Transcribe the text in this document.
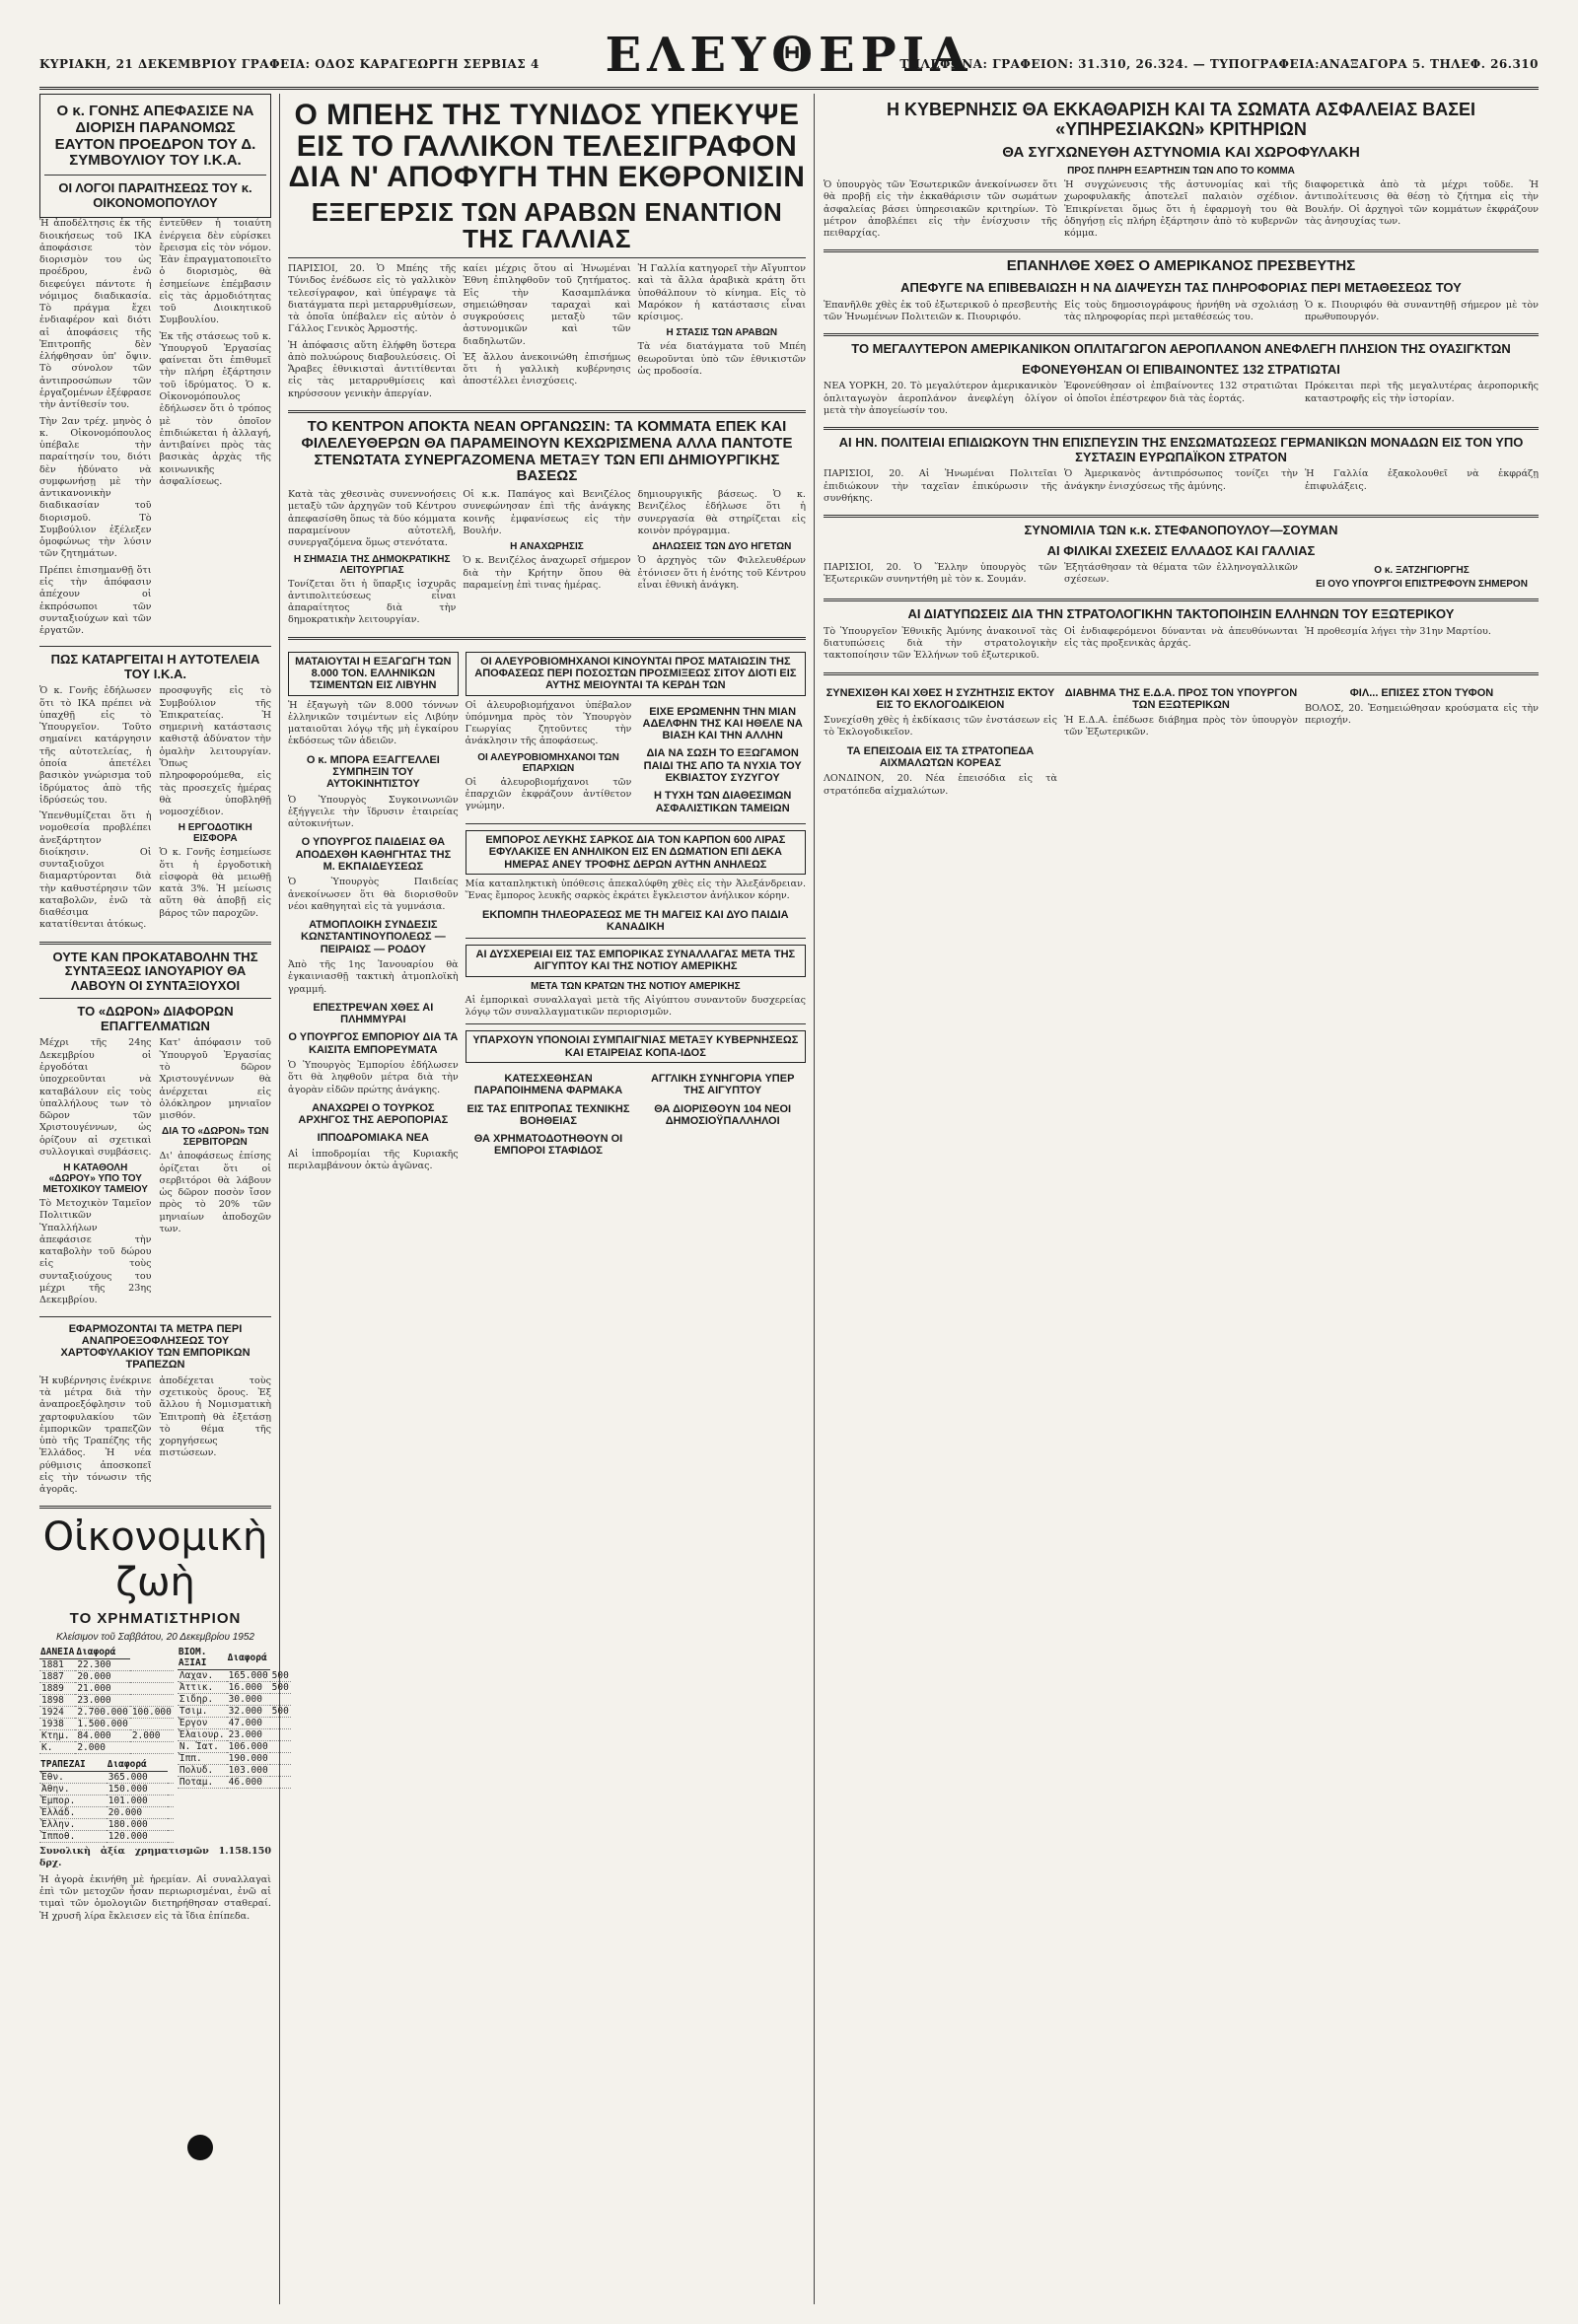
ΚΥΡΙΑΚΗ, 21 ΔΕΚΕΜΒΡΙΟΥ ΓΡΑΦΕΙΑ: ΟΔΟΣ ΚΑΡΑΓΕΩΡΓΗ ΣΕΡΒΙΑΣ 4 ΕΛΕΥΘΕΡΙΑ
ΤΗΛΕΦΩΝΑ: ΓΡΑΦΕΙΟΝ: 31.310, 26.324. — ΤΥΠΟΓΡΑΦΕΙΑ:ΑΝΑΞΑΓΟΡΑ 5. ΤΗΛΕΦ. 26.310
Ο κ. ΓΟΝΗΣ ΑΠΕΦΑΣΙΣΕ ΝΑ ΔΙΟΡΙΣΗ ΠΑΡΑΝΟΜΩΣ ΕΑΥΤΟΝ ΠΡΟΕΔΡΟΝ ΤΟΥ Δ. ΣΥΜΒΟΥΛΙΟΥ ΤΟΥ Ι.Κ.Α.
ΟΙ ΛΟΓΟΙ ΠΑΡΑΙΤΗΣΕΩΣ ΤΟΥ κ. ΟΙΚΟΝΟΜΟΠΟΥΛΟΥ

Ἡ ἀποδέλτησις ἐκ τῆς διοικήσεως τοῦ ΙΚΑ ἀποφάσισε τὸν διορισμὸν του ὡς προέδρου, ἐνῶ διεφεύγει πάντοτε ἡ νόμιμος διαδικασία. Τὸ πράγμα ἔχει ἐνδιαφέρον καὶ διότι αἱ ἀποφάσεις τῆς Ἐπιτροπῆς δὲν ἐλήφθησαν ὑπ' ὄψιν. Τὸ σύνολον τῶν ἀντιπροσώπων τῶν ἐργαζομένων ἐξέφρασε τὴν ἀντίθεσίν του.

Τὴν 2αν τρέχ. μηνὸς ὁ κ. Οἰκονομόπουλος ὑπέβαλε τὴν παραίτησίν του, διότι δὲν ἠδύνατο νὰ συμφωνήσῃ μὲ τὴν ἀντικανονικὴν διαδικασίαν τοῦ διορισμοῦ. Τὸ Συμβούλιον ἐξέλεξεν ὁμοφώνως τὴν λύσιν τῶν ζητημάτων.

Πρέπει ἐπισημανθῇ ὅτι εἰς τὴν ἀπόφασιν ἀπέχουν οἱ ἐκπρόσωποι τῶν συνταξιούχων καὶ τῶν ἐργατῶν.

ἐντεῦθεν ἡ τοιαύτη ἐνέργεια δὲν εὑρίσκει ἔρεισμα εἰς τὸν νόμον. Ἐὰν ἐπραγματοποιεῖτο ὁ διορισμὸς, θὰ ἐσημείωνε ἐπέμβασιν εἰς τὰς ἁρμοδιότητας τοῦ Διοικητικοῦ Συμβουλίου.

Ἐκ τῆς στάσεως τοῦ κ. Ὑπουργοῦ Ἐργασίας φαίνεται ὅτι ἐπιθυμεῖ τὴν πλήρη ἐξάρτησιν τοῦ ἱδρύματος. Ὁ κ. Οἰκονομόπουλος ἐδήλωσεν ὅτι ὁ τρόπος μὲ τὸν ὁποῖον ἐπιδιώκεται ἡ ἀλλαγή, ἀντιβαίνει πρὸς τὰς βασικὰς ἀρχὰς τῆς κοινωνικῆς ἀσφαλίσεως.

ΠΩΣ ΚΑΤΑΡΓΕΙΤΑΙ Η ΑΥΤΟΤΕΛΕΙΑ ΤΟΥ Ι.Κ.Α.

Ὁ κ. Γονῆς ἐδήλωσεν ὅτι τὸ ΙΚΑ πρέπει νὰ ὑπαχθῇ εἰς τὸ Ὑπουργεῖον. Τοῦτο σημαίνει κατάργησιν τῆς αὐτοτελείας, ἡ ὁποία ἀπετέλει βασικὸν γνώρισμα τοῦ ἱδρύματος ἀπὸ τῆς ἱδρύσεώς του.

Ὑπενθυμίζεται ὅτι ἡ νομοθεσία προβλέπει ἀνεξάρτητον διοίκησιν. Οἱ συνταξιοῦχοι διαμαρτύρονται διὰ τὴν καθυστέρησιν τῶν καταβολῶν, ἐνῶ τὰ διαθέσιμα κατατίθενται ἀτόκως.

προσφυγῆς εἰς τὸ Συμβούλιον τῆς Ἐπικρατείας. Ἡ σημερινὴ κατάστασις καθιστᾷ ἀδύνατον τὴν ὁμαλὴν λειτουργίαν. Ὅπως πληροφορούμεθα, εἰς τὰς προσεχεῖς ἡμέρας θὰ ὑποβληθῇ νομοσχέδιον.

Η ΕΡΓΟΔΟΤΙΚΗ ΕΙΣΦΟΡΑ

Ὁ κ. Γονῆς ἐσημείωσε ὅτι ἡ ἐργοδοτικὴ εἰσφορὰ θὰ μειωθῇ κατὰ 3%. Ἡ μείωσις αὕτη θὰ ἀποβῇ εἰς βάρος τῶν παροχῶν.

ΟΥΤΕ ΚΑΝ ΠΡΟΚΑΤΑΒΟΛΗΝ ΤΗΣ ΣΥΝΤΑΞΕΩΣ ΙΑΝΟΥΑΡΙΟΥ ΘΑ ΛΑΒΟΥΝ ΟΙ ΣΥΝΤΑΞΙΟΥΧΟΙ
ΤΟ «ΔΩΡΟΝ» ΔΙΑΦΟΡΩΝ ΕΠΑΓΓΕΛΜΑΤΙΩΝ

Μέχρι τῆς 24ης Δεκεμβρίου οἱ ἐργοδόται ὑποχρεοῦνται νὰ καταβάλουν εἰς τοὺς ὑπαλλήλους των τὸ δῶρον τῶν Χριστουγέννων, ὡς ὁρίζουν αἱ σχετικαὶ συλλογικαὶ συμβάσεις.

Η ΚΑΤΑΘΟΛΗ «ΔΩΡΟΥ» ΥΠΟ ΤΟΥ ΜΕΤΟΧΙΚΟΥ ΤΑΜΕΙΟΥ

Τὸ Μετοχικὸν Ταμεῖον Πολιτικῶν Ὑπαλλήλων ἀπεφάσισε τὴν καταβολὴν τοῦ δώρου εἰς τοὺς συνταξιούχους του μέχρι τῆς 23ης Δεκεμβρίου.

Κατ' ἀπόφασιν τοῦ Ὑπουργοῦ Ἐργασίας τὸ δῶρον Χριστουγέννων θὰ ἀνέρχεται εἰς ὁλόκληρον μηνιαῖον μισθόν.

ΔΙΑ ΤΟ «ΔΩΡΟΝ» ΤΩΝ ΣΕΡΒΙΤΟΡΩΝ

Δι' ἀποφάσεως ἐπίσης ὁρίζεται ὅτι οἱ σερβιτόροι θὰ λάβουν ὡς δῶρον ποσὸν ἴσον πρὸς τὸ 20% τῶν μηνιαίων ἀποδοχῶν των.

ΕΦΑΡΜΟΖΟΝΤΑΙ ΤΑ ΜΕΤΡΑ ΠΕΡΙ ΑΝΑΠΡΟΕΞΟΦΛΗΣΕΩΣ ΤΟΥ ΧΑΡΤΟΦΥΛΑΚΙΟΥ ΤΩΝ ΕΜΠΟΡΙΚΩΝ ΤΡΑΠΕΖΩΝ

Ἡ κυβέρνησις ἐνέκρινε τὰ μέτρα διὰ τὴν ἀναπροεξόφλησιν τοῦ χαρτοφυλακίου τῶν ἐμπορικῶν τραπεζῶν ὑπὸ τῆς Τραπέζης τῆς Ἑλλάδος. Ἡ νέα ρύθμισις ἀποσκοπεῖ εἰς τὴν τόνωσιν τῆς ἀγορᾶς.

ἀποδέχεται τοὺς σχετικοὺς ὅρους. Ἐξ ἄλλου ἡ Νομισματικὴ Ἐπιτροπὴ θὰ ἐξετάσῃ τὸ θέμα τῆς χορηγήσεως πιστώσεων.

Οἰκονομικὴ ζωὴ
ΤΟ ΧΡΗΜΑΤΙΣΤΗΡΙΟΝ
Κλείσιμον τοῦ Σαββάτου, 20 Δεκεμβρίου 1952
ΔΑΝΕΙΑ	Διαφορά	
1881	22.300	
1887	20.000	
1889	21.000	
1898	23.000	
1924	2.700.000	100.000
1938	1.500.000	
Κτημ.	84.000	2.000
Κ.	2.000	
ΤΡΑΠΕΖΑΙ	Διαφορά	
Ἐθν.	365.000	
Ἀθην.	150.000	
Ἐμπορ.	101.000	
Ἐλλάδ.	20.000	
Ἑλλην.	180.000	
Ἱπποθ.	120.000	
ΒΙΟΜ. ΑΞΙΑΙ	Διαφορά	
Λαχαν.	165.000	500
Ἀττικ.	16.000	500
Σιδηρ.	30.000	
Τσιμ.	32.000	500
Ἐργον	47.000	
Ἐλαιουρ.	23.000	
Ν. Ἰατ.	106.000	
Ἱππ.	190.000	
Πολυδ.	103.000	
Ποταμ.	46.000	

Συνολικὴ ἀξία χρηματισμῶν 1.158.150 δρχ.

Ἡ ἀγορὰ ἐκινήθη μὲ ἡρεμίαν. Αἱ συναλλαγαὶ ἐπὶ τῶν μετοχῶν ἦσαν περιωρισμέναι, ἐνῶ αἱ τιμαὶ τῶν ὁμολογιῶν διετηρήθησαν σταθεραί. Ἡ χρυσῆ λίρα ἔκλεισεν εἰς τὰ ἴδια ἐπίπεδα.

Ο ΜΠΕΗΣ ΤΗΣ ΤΥΝΙΔΟΣ ΥΠΕΚΥΨΕ ΕΙΣ ΤΟ ΓΑΛΛΙΚΟΝ ΤΕΛΕΣΙΓΡΑΦΟΝ ΔΙΑ Ν' ΑΠΟΦΥΓΗ ΤΗΝ ΕΚΘΡΟΝΙΣΙΝ
ΕΞΕΓΕΡΣΙΣ ΤΩΝ ΑΡΑΒΩΝ ΕΝΑΝΤΙΟΝ ΤΗΣ ΓΑΛΛΙΑΣ

ΠΑΡΙΣΙΟΙ, 20. Ὁ Μπέης τῆς Τύνιδος ἐνέδωσε εἰς τὸ γαλλικὸν τελεσίγραφον, καὶ ὑπέγραψε τὰ διατάγματα περὶ μεταρρυθμίσεων, τὰ ὁποῖα ὑπέβαλεν εἰς αὐτὸν ὁ Γάλλος Γενικὸς Ἀρμοστής.

Ἡ ἀπόφασις αὕτη ἐλήφθη ὕστερα ἀπὸ πολυώρους διαβουλεύσεις. Οἱ Ἄραβες ἐθνικισταὶ ἀντιτίθενται εἰς τὰς μεταρρυθμίσεις καὶ κηρύσσουν γενικὴν ἀπεργίαν.

καίει μέχρις ὅτου αἱ Ἡνωμέναι Ἐθνη ἐπιληφθοῦν τοῦ ζητήματος. Εἰς τὴν Κασαμπλάνκα σημειώθησαν ταραχαὶ καὶ συγκρούσεις μεταξὺ τῶν ἀστυνομικῶν καὶ τῶν διαδηλωτῶν.

Ἐξ ἄλλου ἀνεκοινώθη ἐπισήμως ὅτι ἡ γαλλικὴ κυβέρνησις ἀποστέλλει ἐνισχύσεις.

Ἡ Γαλλία κατηγορεῖ τὴν Αἴγυπτον καὶ τὰ ἄλλα ἀραβικὰ κράτη ὅτι ὑποθάλπουν τὸ κίνημα. Εἰς τὸ Μαρόκον ἡ κατάστασις εἶναι κρίσιμος.

Η ΣΤΑΣΙΣ ΤΩΝ ΑΡΑΒΩΝ

Τὰ νέα διατάγματα τοῦ Μπέη θεωροῦνται ὑπὸ τῶν ἐθνικιστῶν ὡς προδοσία.

ΤΟ ΚΕΝΤΡΟΝ ΑΠΟΚΤΑ ΝΕΑΝ ΟΡΓΑΝΩΣΙΝ: ΤΑ ΚΟΜΜΑΤΑ ΕΠΕΚ ΚΑΙ ΦΙΛΕΛΕΥΘΕΡΩΝ ΘΑ ΠΑΡΑΜΕΙΝΟΥΝ ΚΕΧΩΡΙΣΜΕΝΑ ΑΛΛΑ ΠΑΝΤΟΤΕ ΣΤΕΝΩΤΑΤΑ ΣΥΝΕΡΓΑΖΟΜΕΝΑ ΜΕΤΑΞΥ ΤΩΝ ΕΠΙ ΔΗΜΙΟΥΡΓΙΚΗΣ ΒΑΣΕΩΣ

Κατὰ τὰς χθεσινὰς συνεννοήσεις μεταξὺ τῶν ἀρχηγῶν τοῦ Κέντρου ἀπεφασίσθη ὅπως τὰ δύο κόμματα παραμείνουν αὐτοτελῆ, συνεργαζόμενα ὅμως στενότατα.

Η ΣΗΜΑΣΙΑ ΤΗΣ ΔΗΜΟΚΡΑΤΙΚΗΣ ΛΕΙΤΟΥΡΓΙΑΣ

Τονίζεται ὅτι ἡ ὕπαρξις ἰσχυρᾶς ἀντιπολιτεύσεως εἶναι ἀπαραίτητος διὰ τὴν δημοκρατικὴν λειτουργίαν.

Οἱ κ.κ. Παπάγος καὶ Βενιζέλος συνεφώνησαν ἐπὶ τῆς ἀνάγκης κοινῆς ἐμφανίσεως εἰς τὴν Βουλήν.

Η ΑΝΑΧΩΡΗΣΙΣ

Ὁ κ. Βενιζέλος ἀναχωρεῖ σήμερον διὰ τὴν Κρήτην ὅπου θὰ παραμείνῃ ἐπὶ τινας ἡμέρας.

δημιουργικῆς βάσεως. Ὁ κ. Βενιζέλος ἐδήλωσε ὅτι ἡ συνεργασία θὰ στηρίζεται εἰς κοινὸν πρόγραμμα.

ΔΗΛΩΣΕΙΣ ΤΩΝ ΔΥΟ ΗΓΕΤΩΝ

Ὁ ἀρχηγὸς τῶν Φιλελευθέρων ἐτόνισεν ὅτι ἡ ἑνότης τοῦ Κέντρου εἶναι ἐθνικὴ ἀνάγκη.

ΜΑΤΑΙΟΥΤΑΙ Η ΕΞΑΓΩΓΗ ΤΩΝ 8.000 ΤΟΝ. ΕΛΛΗΝΙΚΩΝ ΤΣΙΜΕΝΤΩΝ ΕΙΣ ΛΙΒΥΗΝ

Ἡ ἐξαγωγὴ τῶν 8.000 τόννων ἑλληνικῶν τσιμέντων εἰς Λιβύην ματαιοῦται λόγῳ τῆς μὴ ἐγκαίρου ἐκδόσεως τῶν ἀδειῶν.

Ο κ. ΜΠΟΡΑ ΕΞΑΓΓΕΛΛΕΙ ΣΥΜΠΗΞΙΝ ΤΟΥ ΑΥΤΟΚΙΝΗΤΙΣΤΟΥ

Ὁ Ὑπουργὸς Συγκοινωνιῶν ἐξήγγειλε τὴν ἵδρυσιν ἑταιρείας αὐτοκινήτων.

Ο ΥΠΟΥΡΓΟΣ ΠΑΙΔΕΙΑΣ ΘΑ ΑΠΟΔΕΧΘΗ ΚΑΘΗΓΗΤΑΣ ΤΗΣ Μ. ΕΚΠΑΙΔΕΥΣΕΩΣ

Ὁ Ὑπουργὸς Παιδείας ἀνεκοίνωσεν ὅτι θὰ διορισθοῦν νέοι καθηγηταὶ εἰς τὰ γυμνάσια.

ΑΤΜΟΠΛΟΙΚΗ ΣΥΝΔΕΣΙΣ ΚΩΝΣΤΑΝΤΙΝΟΥΠΟΛΕΩΣ — ΠΕΙΡΑΙΩΣ — ΡΟΔΟΥ

Ἀπὸ τῆς 1ης Ἰανουαρίου θὰ ἐγκαινιασθῇ τακτικὴ ἀτμοπλοϊκὴ γραμμή.

ΕΠΕΣΤΡΕΨΑΝ ΧΘΕΣ ΑΙ ΠΛΗΜΜΥΡΑΙ
Ο ΥΠΟΥΡΓΟΣ ΕΜΠΟΡΙΟΥ ΔΙΑ ΤΑ ΚΑΙΣΙΤΑ ΕΜΠΟΡΕΥΜΑΤΑ

Ὁ Ὑπουργὸς Ἐμπορίου ἐδήλωσεν ὅτι θὰ ληφθοῦν μέτρα διὰ τὴν ἀγορὰν εἰδῶν πρώτης ἀνάγκης.

ΑΝΑΧΩΡΕΙ Ο ΤΟΥΡΚΟΣ ΑΡΧΗΓΟΣ ΤΗΣ ΑΕΡΟΠΟΡΙΑΣ
ΙΠΠΟΔΡΟΜΙΑΚΑ ΝΕΑ

Αἱ ἱπποδρομίαι τῆς Κυριακῆς περιλαμβάνουν ὀκτὼ ἀγῶνας.

ΟΙ ΑΛΕΥΡΟΒΙΟΜΗΧΑΝΟΙ ΚΙΝΟΥΝΤΑΙ ΠΡΟΣ ΜΑΤΑΙΩΣΙΝ ΤΗΣ ΑΠΟΦΑΣΕΩΣ ΠΕΡΙ ΠΟΣΟΣΤΩΝ ΠΡΟΣΜΙΞΕΩΣ ΣΙΤΟΥ ΔΙΟΤΙ ΕΙΣ ΑΥΤΗΣ ΜΕΙΟΥΝΤΑΙ ΤΑ ΚΕΡΔΗ ΤΩΝ

Οἱ ἀλευροβιομήχανοι ὑπέβαλον ὑπόμνημα πρὸς τὸν Ὑπουργὸν Γεωργίας ζητοῦντες τὴν ἀνάκλησιν τῆς ἀποφάσεως.

ΟΙ ΑΛΕΥΡΟΒΙΟΜΗΧΑΝΟΙ ΤΩΝ ΕΠΑΡΧΙΩΝ

Οἱ ἀλευροβιομήχανοι τῶν ἐπαρχιῶν ἐκφράζουν ἀντίθετον γνώμην.

ΕΙΧΕ ΕΡΩΜΕΝΗΝ ΤΗΝ ΜΙΑΝ ΑΔΕΛΦΗΝ ΤΗΣ ΚΑΙ ΗΘΕΛΕ ΝΑ ΒΙΑΣΗ ΚΑΙ ΤΗΝ ΑΛΛΗΝ
ΔΙΑ ΝΑ ΣΩΣΗ ΤΟ ΕΞΩΓΑΜΟΝ ΠΑΙΔΙ ΤΗΣ ΑΠΟ ΤΑ ΝΥΧΙΑ ΤΟΥ ΕΚΒΙΑΣΤΟΥ ΣΥΖΥΓΟΥ
Η ΤΥΧΗ ΤΩΝ ΔΙΑΘΕΣΙΜΩΝ ΑΣΦΑΛΙΣΤΙΚΩΝ ΤΑΜΕΙΩΝ
ΕΜΠΟΡΟΣ ΛΕΥΚΗΣ ΣΑΡΚΟΣ ΔΙΑ ΤΟΝ ΚΑΡΠΟΝ 600 ΛΙΡΑΣ ΕΦΥΛΑΚΙΣΕ ΕΝ ΑΝΗΛΙΚΟΝ ΕΙΣ ΕΝ ΔΩΜΑΤΙΟΝ ΕΠΙ ΔΕΚΑ ΗΜΕΡΑΣ ΑΝΕΥ ΤΡΟΦΗΣ ΔΕΡΩΝ ΑΥΤΗΝ ΑΝΗΛΕΩΣ

Μία καταπληκτικὴ ὑπόθεσις ἀπεκαλύφθη χθὲς εἰς τὴν Ἀλεξάνδρειαν. Ἕνας ἔμπορος λευκῆς σαρκὸς ἐκράτει ἔγκλειστον ἀνήλικον κόρην.

ΕΚΠΟΜΠΗ ΤΗΛΕΟΡΑΣΕΩΣ ΜΕ ΤΗ ΜΑΓΕΙΣ ΚΑΙ ΔΥΟ ΠΑΙΔΙΑ ΚΑΝΑΔΙΚΗ
ΑΙ ΔΥΣΧΕΡΕΙΑΙ ΕΙΣ ΤΑΣ ΕΜΠΟΡΙΚΑΣ ΣΥΝΑΛΛΑΓΑΣ ΜΕΤΑ ΤΗΣ ΑΙΓΥΠΤΟΥ ΚΑΙ ΤΗΣ ΝΟΤΙΟΥ ΑΜΕΡΙΚΗΣ
ΜΕΤΑ ΤΩΝ ΚΡΑΤΩΝ ΤΗΣ ΝΟΤΙΟΥ ΑΜΕΡΙΚΗΣ

Αἱ ἐμπορικαὶ συναλλαγαὶ μετὰ τῆς Αἰγύπτου συναντοῦν δυσχερείας λόγῳ τῶν συναλλαγματικῶν περιορισμῶν.

ΥΠΑΡΧΟΥΝ ΥΠΟΝΟΙΑΙ ΣΥΜΠΑΙΓΝΙΑΣ ΜΕΤΑΞΥ ΚΥΒΕΡΝΗΣΕΩΣ ΚΑΙ ΕΤΑΙΡΕΙΑΣ ΚΟΠΑ-ΙΔΟΣ
ΚΑΤΕΣΧΕΘΗΣΑΝ ΠΑΡΑΠΟΙΗΜΕΝΑ ΦΑΡΜΑΚΑ
ΕΙΣ ΤΑΣ ΕΠΙΤΡΟΠΑΣ ΤΕΧΝΙΚΗΣ ΒΟΗΘΕΙΑΣ
ΘΑ ΧΡΗΜΑΤΟΔΟΤΗΘΟΥΝ ΟΙ ΕΜΠΟΡΟΙ ΣΤΑΦΙΔΟΣ
ΑΓΓΛΙΚΗ ΣΥΝΗΓΟΡΙΑ ΥΠΕΡ ΤΗΣ ΑΙΓΥΠΤΟΥ
ΘΑ ΔΙΟΡΙΣΘΟΥΝ 104 ΝΕΟΙ ΔΗΜΟΣΙΟΫΠΑΛΛΗΛΟΙ
Η ΚΥΒΕΡΝΗΣΙΣ ΘΑ ΕΚΚΑΘΑΡΙΣΗ ΚΑΙ ΤΑ ΣΩΜΑΤΑ ΑΣΦΑΛΕΙΑΣ ΒΑΣΕΙ «ΥΠΗΡΕΣΙΑΚΩΝ» ΚΡΙΤΗΡΙΩΝ
ΘΑ ΣΥΓΧΩΝΕΥΘΗ ΑΣΤΥΝΟΜΙΑ ΚΑΙ ΧΩΡΟΦΥΛΑΚΗ
ΠΡΟΣ ΠΛΗΡΗ ΕΞΑΡΤΗΣΙΝ ΤΩΝ ΑΠΟ ΤΟ ΚΟΜΜΑ

Ὁ ὑπουργὸς τῶν Ἐσωτερικῶν ἀνεκοίνωσεν ὅτι θὰ προβῇ εἰς τὴν ἐκκαθάρισιν τῶν σωμάτων ἀσφαλείας βάσει ὑπηρεσιακῶν κριτηρίων. Τὸ μέτρον ἀποβλέπει εἰς τὴν ἐνίσχυσιν τῆς πειθαρχίας.

Ἡ συγχώνευσις τῆς ἀστυνομίας καὶ τῆς χωροφυλακῆς ἀποτελεῖ παλαιὸν σχέδιον. Ἐπικρίνεται ὅμως ὅτι ἡ ἐφαρμογὴ του θὰ ὁδηγήσῃ εἰς πλήρη ἐξάρτησιν ἀπὸ τὸ κυβερνῶν κόμμα.

διαφορετικὰ ἀπὸ τὰ μέχρι τοῦδε. Ἡ ἀντιπολίτευσις θὰ θέσῃ τὸ ζήτημα εἰς τὴν Βουλήν. Οἱ ἀρχηγοὶ τῶν κομμάτων ἐκφράζουν τὰς ἀνησυχίας των.

ΕΠΑΝΗΛΘΕ ΧΘΕΣ Ο ΑΜΕΡΙΚΑΝΟΣ ΠΡΕΣΒΕΥΤΗΣ
ΑΠΕΦΥΓΕ ΝΑ ΕΠΙΒΕΒΑΙΩΣΗ Η ΝΑ ΔΙΑΨΕΥΣΗ ΤΑΣ ΠΛΗΡΟΦΟΡΙΑΣ ΠΕΡΙ ΜΕΤΑΘΕΣΕΩΣ ΤΟΥ

Ἐπανῆλθε χθὲς ἐκ τοῦ ἐξωτερικοῦ ὁ πρεσβευτὴς τῶν Ἡνωμένων Πολιτειῶν κ. Πιουριφόυ.

Εἰς τοὺς δημοσιογράφους ἠρνήθη νὰ σχολιάσῃ τὰς πληροφορίας περὶ μεταθέσεώς του.

Ὁ κ. Πιουριφόυ θὰ συναντηθῇ σήμερον μὲ τὸν πρωθυπουργόν.

ΤΟ ΜΕΓΑΛΥΤΕΡΟΝ ΑΜΕΡΙΚΑΝΙΚΟΝ ΟΠΛΙΤΑΓΩΓΟΝ ΑΕΡΟΠΛΑΝΟΝ ΑΝΕΦΛΕΓΗ ΠΛΗΣΙΟΝ ΤΗΣ ΟΥΑΣΙΓΚΤΩΝ
ΕΦΟΝΕΥΘΗΣΑΝ ΟΙ ΕΠΙΒΑΙΝΟΝΤΕΣ 132 ΣΤΡΑΤΙΩΤΑΙ

ΝΕΑ ΥΟΡΚΗ, 20. Τὸ μεγαλύτερον ἀμερικανικὸν ὁπλιταγωγὸν ἀεροπλάνον ἀνεφλέγη ὀλίγον μετὰ τὴν ἀπογείωσίν του.

Ἐφονεύθησαν οἱ ἐπιβαίνοντες 132 στρατιῶται οἱ ὁποῖοι ἐπέστρεφον διὰ τὰς ἑορτάς.

Πρόκειται περὶ τῆς μεγαλυτέρας ἀεροπορικῆς καταστροφῆς εἰς τὴν ἱστορίαν.

ΑΙ ΗΝ. ΠΟΛΙΤΕΙΑΙ ΕΠΙΔΙΩΚΟΥΝ ΤΗΝ ΕΠΙΣΠΕΥΣΙΝ ΤΗΣ ΕΝΣΩΜΑΤΩΣΕΩΣ ΓΕΡΜΑΝΙΚΩΝ ΜΟΝΑΔΩΝ ΕΙΣ ΤΟΝ ΥΠΟ ΣΥΣΤΑΣΙΝ ΕΥΡΩΠΑΪΚΟΝ ΣΤΡΑΤΟΝ

ΠΑΡΙΣΙΟΙ, 20. Αἱ Ἡνωμέναι Πολιτεῖαι ἐπιδιώκουν τὴν ταχεῖαν ἐπικύρωσιν τῆς συνθήκης.

Ὁ Ἀμερικανὸς ἀντιπρόσωπος τονίζει τὴν ἀνάγκην ἐνισχύσεως τῆς ἀμύνης.

Ἡ Γαλλία ἐξακολουθεῖ νὰ ἐκφράζῃ ἐπιφυλάξεις.

ΣΥΝΟΜΙΛΙΑ ΤΩΝ κ.κ. ΣΤΕΦΑΝΟΠΟΥΛΟΥ—ΣΟΥΜΑΝ
ΑΙ ΦΙΛΙΚΑΙ ΣΧΕΣΕΙΣ ΕΛΛΑΔΟΣ ΚΑΙ ΓΑΛΛΙΑΣ

ΠΑΡΙΣΙΟΙ, 20. Ὁ Ἕλλην ὑπουργὸς τῶν Ἐξωτερικῶν συνηντήθη μὲ τὸν κ. Σουμάν.

Ἐξητάσθησαν τὰ θέματα τῶν ἑλληνογαλλικῶν σχέσεων.

Ο κ. ΞΑΤΖΗΓΙΟΡΓΗΣ
ΕΙ ΟΥΟ ΥΠΟΥΡΓΟΙ ΕΠΙΣΤΡΕΦΟΥΝ ΣΗΜΕΡΟΝ
ΑΙ ΔΙΑΤΥΠΩΣΕΙΣ ΔΙΑ ΤΗΝ ΣΤΡΑΤΟΛΟΓΙΚΗΝ ΤΑΚΤΟΠΟΙΗΣΙΝ ΕΛΛΗΝΩΝ ΤΟΥ ΕΞΩΤΕΡΙΚΟΥ

Τὸ Ὑπουργεῖον Ἐθνικῆς Ἀμύνης ἀνακοινοῖ τὰς διατυπώσεις διὰ τὴν στρατολογικὴν τακτοποίησιν τῶν Ἑλλήνων τοῦ ἐξωτερικοῦ.

Οἱ ἐνδιαφερόμενοι δύνανται νὰ ἀπευθύνωνται εἰς τὰς προξενικὰς ἀρχάς.

Ἡ προθεσμία λήγει τὴν 31ην Μαρτίου.

ΣΥΝΕΧΙΣΘΗ ΚΑΙ ΧΘΕΣ Η ΣΥΖΗΤΗΣΙΣ ΕΚΤΟΥ ΕΙΣ ΤΟ ΕΚΛΟΓΟΔΙΚΕΙΟΝ

Συνεχίσθη χθὲς ἡ ἐκδίκασις τῶν ἐνστάσεων εἰς τὸ Ἐκλογοδικεῖον.

ΤΑ ΕΠΕΙΣΟΔΙΑ ΕΙΣ ΤΑ ΣΤΡΑΤΟΠΕΔΑ ΑΙΧΜΑΛΩΤΩΝ ΚΟΡΕΑΣ

ΛΟΝΔΙΝΟΝ, 20. Νέα ἐπεισόδια εἰς τὰ στρατόπεδα αἰχμαλώτων.

ΔΙΑΒΗΜΑ ΤΗΣ Ε.Δ.Α. ΠΡΟΣ ΤΟΝ ΥΠΟΥΡΓΟΝ ΤΩΝ ΕΞΩΤΕΡΙΚΩΝ

Ἡ Ε.Δ.Α. ἐπέδωσε διάβημα πρὸς τὸν ὑπουργὸν τῶν Ἐξωτερικῶν.

ΦΙΛ... ΕΠΙΣΕΣ ΣΤΟΝ ΤΥΦΟΝ

ΒΟΛΟΣ, 20. Ἐσημειώθησαν κρούσματα εἰς τὴν περιοχήν.
